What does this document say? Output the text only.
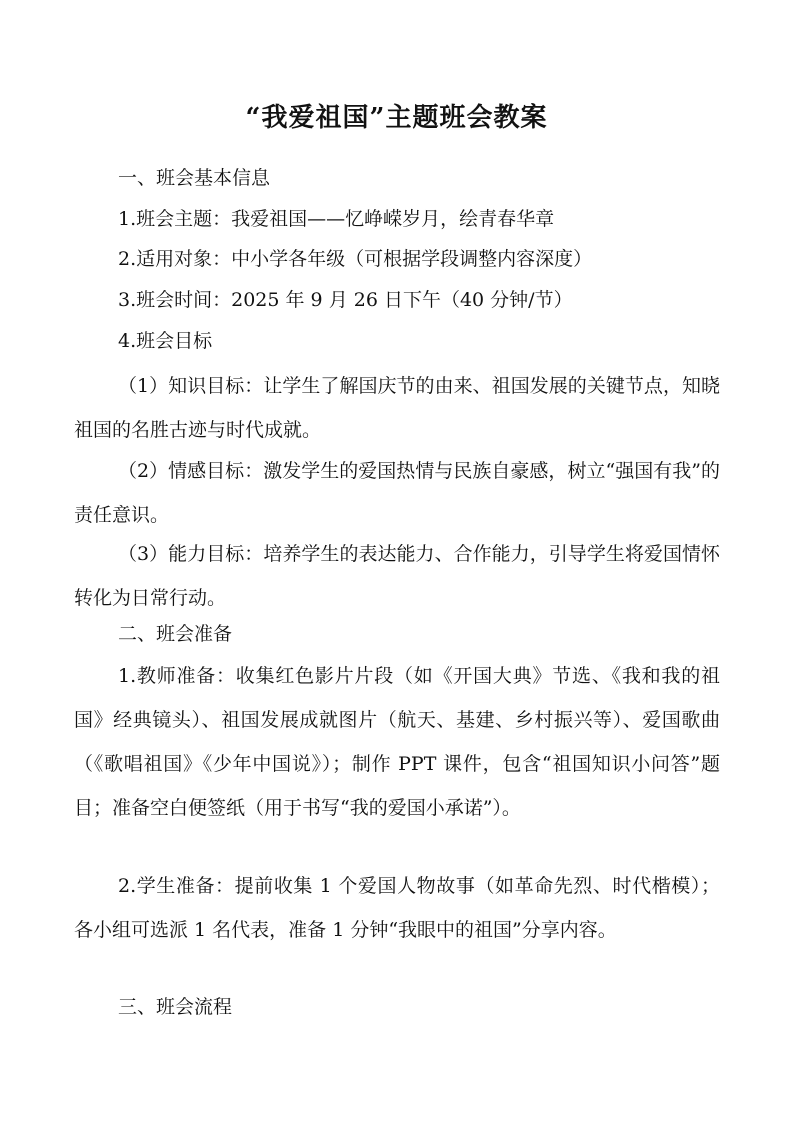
“我爱祖国”主题班会教案

一、班会基本信息

1.班会主题：我爱祖国——忆峥嵘岁月，绘青春华章

2.适用对象：中小学各年级（可根据学段调整内容深度）

3.班会时间：2025 年 9 月 26 日下午（40 分钟/节）

4.班会目标

（1）知识目标：让学生了解国庆节的由来、祖国发展的关键节点，知晓祖国的名胜古迹与时代成就。

（2）情感目标：激发学生的爱国热情与民族自豪感，树立“强国有我”的责任意识。

（3）能力目标：培养学生的表达能力、合作能力，引导学生将爱国情怀转化为日常行动。

二、班会准备

1.教师准备：收集红色影片片段（如《开国大典》节选、《我和我的祖国》经典镜头）、祖国发展成就图片（航天、基建、乡村振兴等）、爱国歌曲（《歌唱祖国》《少年中国说》）；制作 PPT 课件，包含“祖国知识小问答”题目；准备空白便签纸（用于书写“我的爱国小承诺”）。

2.学生准备：提前收集 1 个爱国人物故事（如革命先烈、时代楷模）；各小组可选派 1 名代表，准备 1 分钟“我眼中的祖国”分享内容。

三、班会流程
